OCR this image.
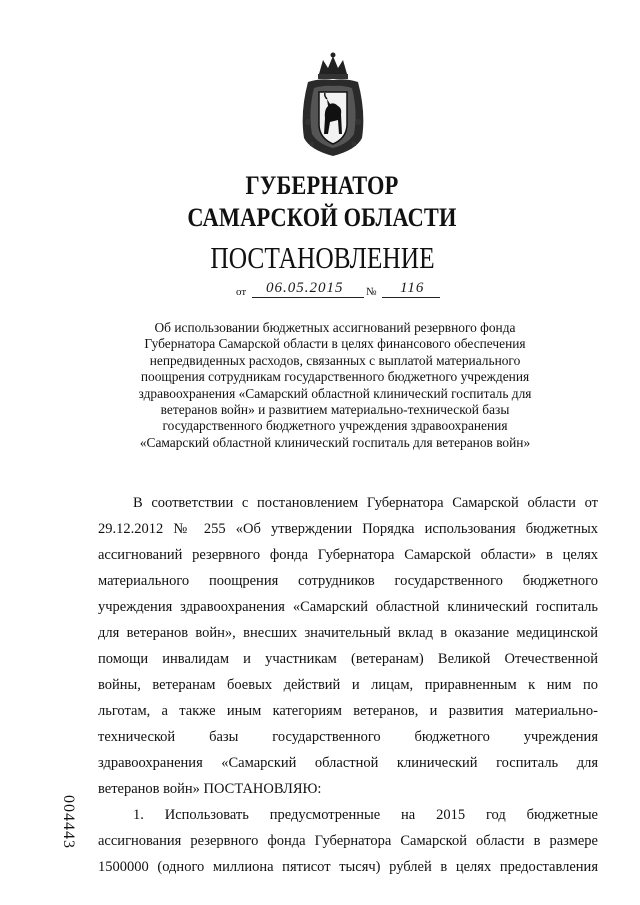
ГУБЕРНАТОР
САМАРСКОЙ ОБЛАСТИ
ПОСТАНОВЛЕНИЕ
от 06.05.2015 № 116
Об использовании бюджетных ассигнований резервного фонда
Губернатора Самарской области в целях финансового обеспечения
непредвиденных расходов, связанных с выплатой материального
поощрения сотрудникам государственного бюджетного учреждения
здравоохранения «Самарский областной клинический госпиталь для
ветеранов войн» и развитием материально-технической базы
государственного бюджетного учреждения здравоохранения
«Самарский областной клинический госпиталь для ветеранов войн»
В соответствии с постановлением Губернатора Самарской области от
29.12.2012 № 255 «Об утверждении Порядка использования бюджетных
ассигнований резервного фонда Губернатора Самарской области» в целях
материального поощрения сотрудников государственного бюджетного
учреждения здравоохранения «Самарский областной клинический госпиталь
для ветеранов войн», внесших значительный вклад в оказание медицинской
помощи инвалидам и участникам (ветеранам) Великой Отечественной
войны, ветеранам боевых действий и лицам, приравненным к ним по
льготам, а также иным категориям ветеранов, и развития материально-
технической базы государственного бюджетного учреждения
здравоохранения «Самарский областной клинический госпиталь для
ветеранов войн» ПОСТАНОВЛЯЮ:
1. Использовать предусмотренные на 2015 год бюджетные
ассигнования резервного фонда Губернатора Самарской области в размере
1500000 (одного миллиона пятисот тысяч) рублей в целях предоставления
004443
